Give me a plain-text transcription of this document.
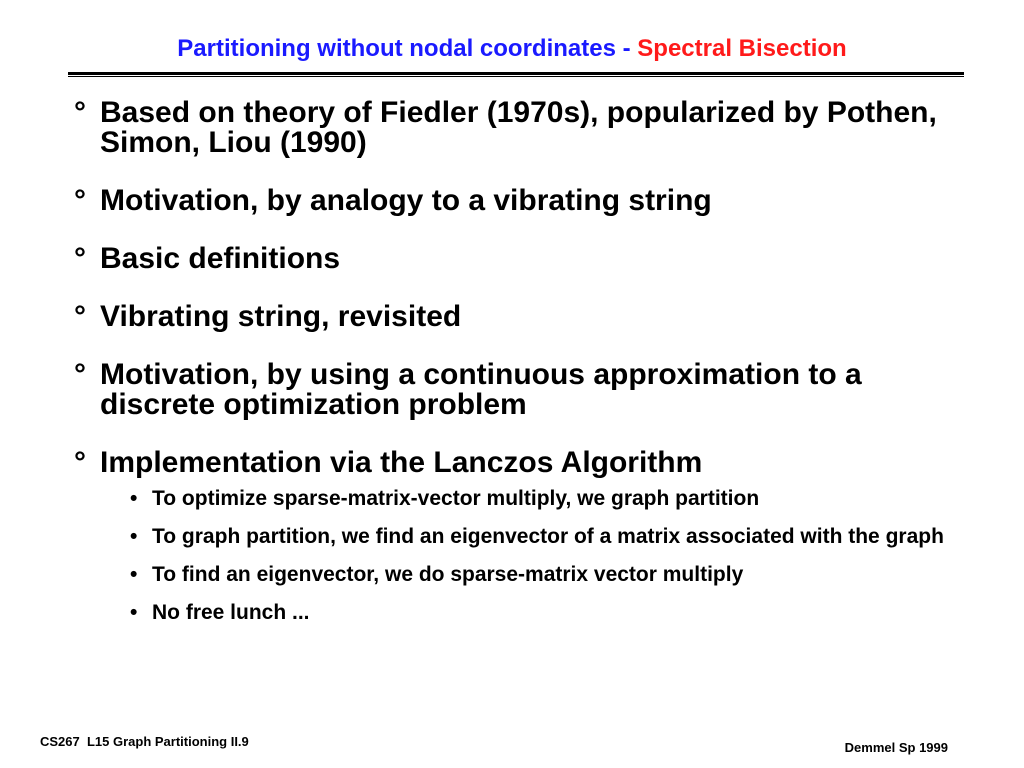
Partitioning without nodal coordinates - Spectral Bisection
° Based on theory of Fiedler (1970s), popularized by Pothen, Simon, Liou (1990)
° Motivation, by analogy to a vibrating string
° Basic definitions
° Vibrating string, revisited
° Motivation, by using a continuous approximation to a discrete optimization problem
° Implementation via the Lanczos Algorithm
• To optimize sparse-matrix-vector multiply, we graph partition
• To graph partition, we find an eigenvector of a matrix associated with the graph
• To find an eigenvector, we do sparse-matrix vector multiply
• No free lunch ...
CS267  L15 Graph Partitioning II.9	Demmel Sp 1999
